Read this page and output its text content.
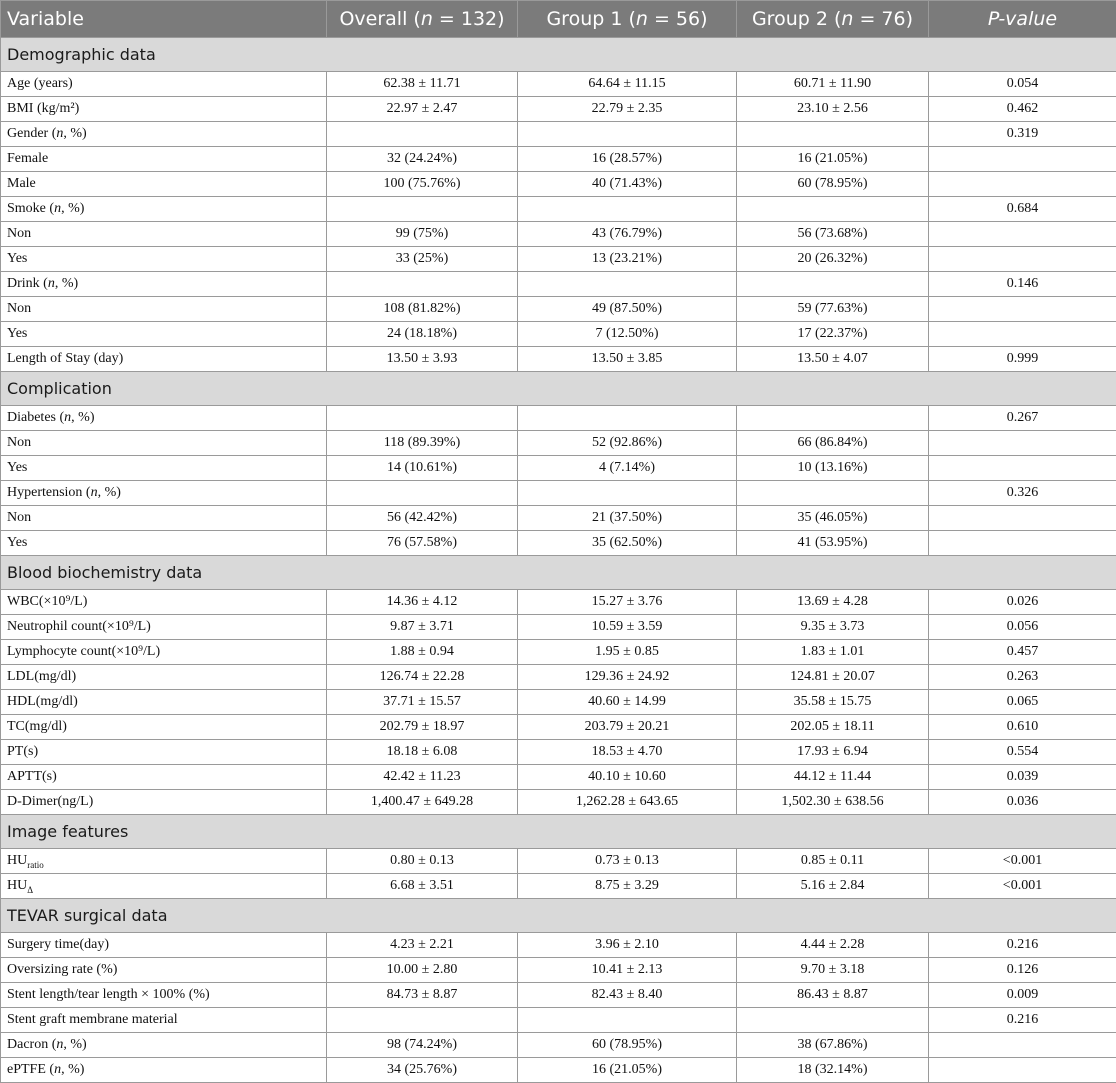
Variable	Overall (n = 132)	Group 1 (n = 56)	Group 2 (n = 76)	P-value
Demographic data				
Age (years)	62.38 ± 11.71	64.64 ± 11.15	60.71 ± 11.90	0.054
BMI (kg/m²)	22.97 ± 2.47	22.79 ± 2.35	23.10 ± 2.56	0.462
Gender (n, %)				0.319
Female	32 (24.24%)	16 (28.57%)	16 (21.05%)	
Male	100 (75.76%)	40 (71.43%)	60 (78.95%)	
Smoke (n, %)				0.684
Non	99 (75%)	43 (76.79%)	56 (73.68%)	
Yes	33 (25%)	13 (23.21%)	20 (26.32%)	
Drink (n, %)				0.146
Non	108 (81.82%)	49 (87.50%)	59 (77.63%)	
Yes	24 (18.18%)	7 (12.50%)	17 (22.37%)	
Length of Stay (day)	13.50 ± 3.93	13.50 ± 3.85	13.50 ± 4.07	0.999
Complication				
Diabetes (n, %)				0.267
Non	118 (89.39%)	52 (92.86%)	66 (86.84%)	
Yes	14 (10.61%)	4 (7.14%)	10 (13.16%)	
Hypertension (n, %)				0.326
Non	56 (42.42%)	21 (37.50%)	35 (46.05%)	
Yes	76 (57.58%)	35 (62.50%)	41 (53.95%)	
Blood biochemistry data				
WBC(×10⁹/L)	14.36 ± 4.12	15.27 ± 3.76	13.69 ± 4.28	0.026
Neutrophil count(×10⁹/L)	9.87 ± 3.71	10.59 ± 3.59	9.35 ± 3.73	0.056
Lymphocyte count(×10⁹/L)	1.88 ± 0.94	1.95 ± 0.85	1.83 ± 1.01	0.457
LDL(mg/dl)	126.74 ± 22.28	129.36 ± 24.92	124.81 ± 20.07	0.263
HDL(mg/dl)	37.71 ± 15.57	40.60 ± 14.99	35.58 ± 15.75	0.065
TC(mg/dl)	202.79 ± 18.97	203.79 ± 20.21	202.05 ± 18.11	0.610
PT(s)	18.18 ± 6.08	18.53 ± 4.70	17.93 ± 6.94	0.554
APTT(s)	42.42 ± 11.23	40.10 ± 10.60	44.12 ± 11.44	0.039
D-Dimer(ng/L)	1,400.47 ± 649.28	1,262.28 ± 643.65	1,502.30 ± 638.56	0.036
Image features				
$HU_{ratio}$	0.80 ± 0.13	0.73 ± 0.13	0.85 ± 0.11	<0.001
$HU_\Delta$	6.68 ± 3.51	8.75 ± 3.29	5.16 ± 2.84	<0.001
TEVAR surgical data				
Surgery time(day)	4.23 ± 2.21	3.96 ± 2.10	4.44 ± 2.28	0.216
Oversizing rate (%)	10.00 ± 2.80	10.41 ± 2.13	9.70 ± 3.18	0.126
Stent length/tear length × 100% (%)	84.73 ± 8.87	82.43 ± 8.40	86.43 ± 8.87	0.009
Stent graft membrane material				0.216
Dacron (n, %)	98 (74.24%)	60 (78.95%)	38 (67.86%)	
ePTFE (n, %)	34 (25.76%)	16 (21.05%)	18 (32.14%)	
